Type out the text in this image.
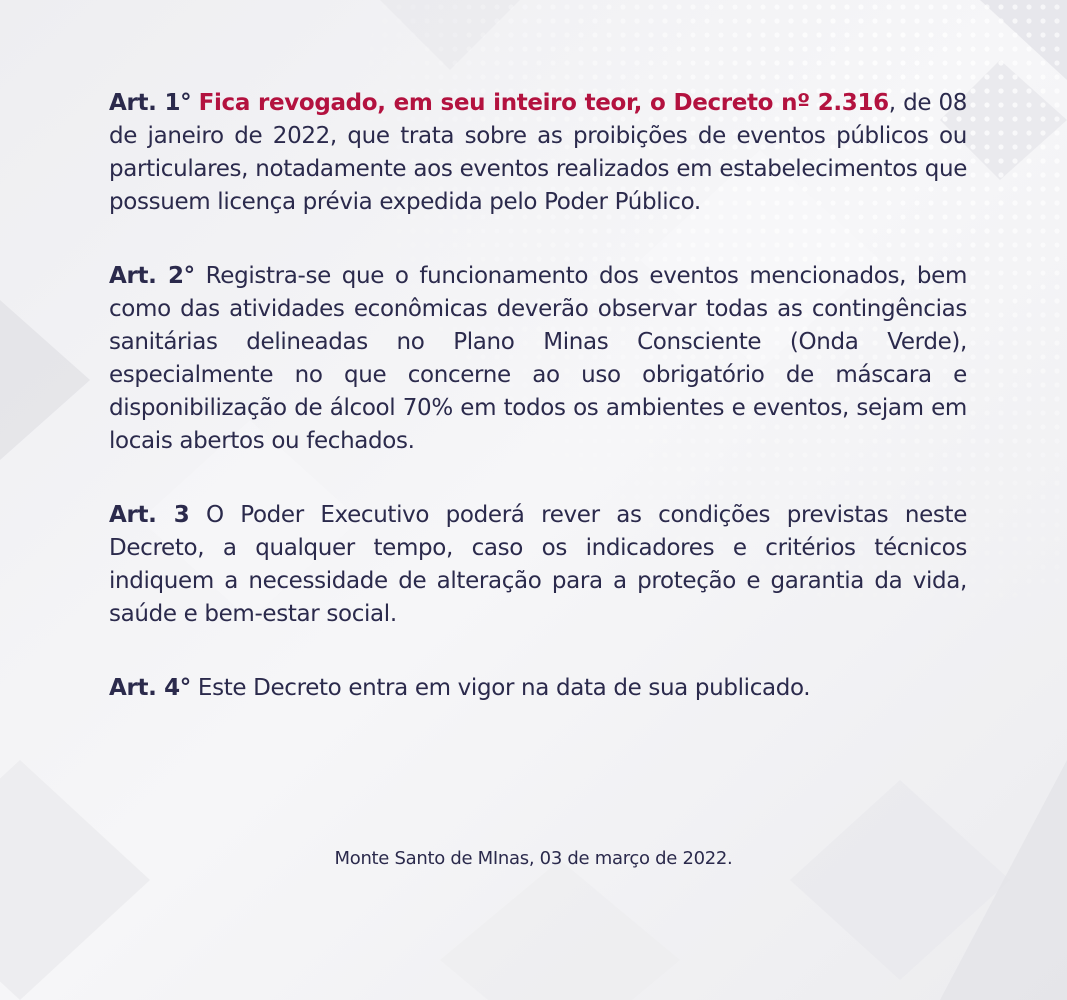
Art. 1° Fica revogado, em seu inteiro teor, o Decreto nº 2.316, de 08 de janeiro de 2022, que trata sobre as proibições de eventos públicos ou particulares, notadamente aos eventos realizados em estabelecimentos que possuem licença prévia expedida pelo Poder Público.

Art. 2° Registra-se que o funcionamento dos eventos mencionados, bem como das atividades econômicas deverão observar todas as contingências sanitárias delineadas no Plano Minas Consciente (Onda Verde), especialmente no que concerne ao uso obrigatório de máscara e disponibilização de álcool 70% em todos os ambientes e eventos, sejam em locais abertos ou fechados.

Art. 3 O Poder Executivo poderá rever as condições previstas neste Decreto, a qualquer tempo, caso os indicadores e critérios técnicos indiquem a necessidade de alteração para a proteção e garantia da vida, saúde e bem-estar social.

Art. 4° Este Decreto entra em vigor na data de sua publicado.

Monte Santo de MInas, 03 de março de 2022.
